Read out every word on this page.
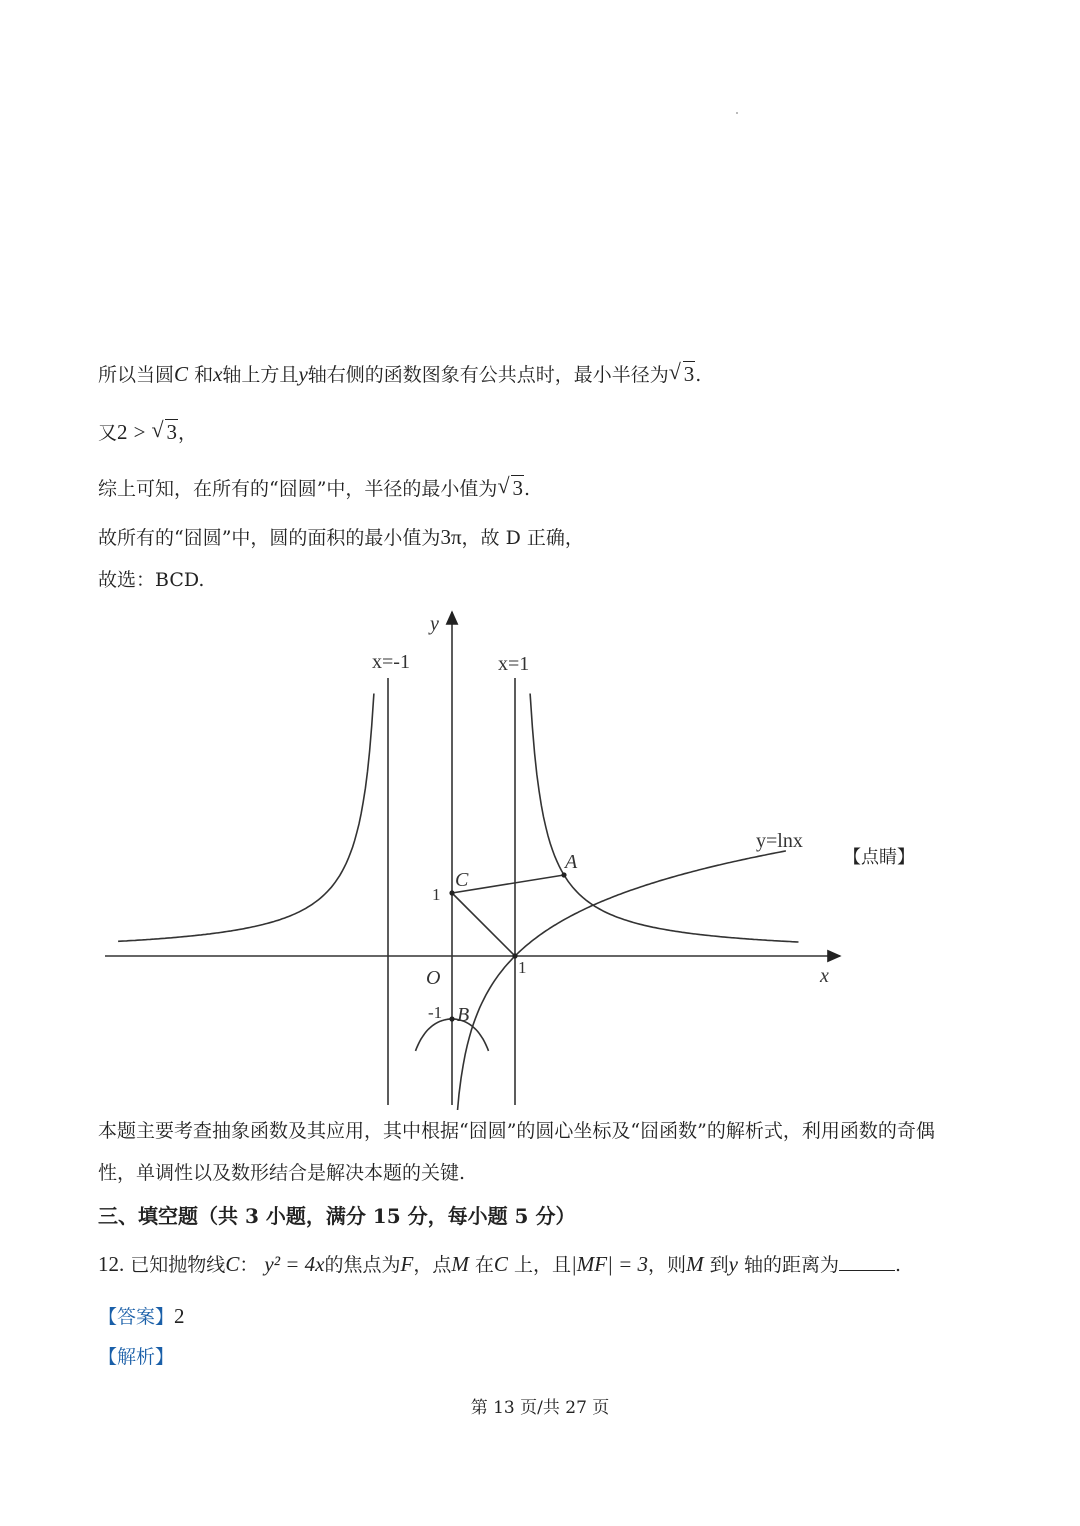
所以当圆C 和x轴上方且y轴右侧的函数图象有公共点时，最小半径为 √ 3.
又2 > √ 3，
综上可知，在所有的“囧圆”中，半径的最小值为 √ 3.
故所有的“囧圆”中，圆的面积的最小值为3π，故 D 正确，
故选：BCD.
y
x
O
x=-1	x=1
y=lnx
A
C
B
1
-1
1
【点睛】
本题主要考查抽象函数及其应用，其中根据“囧圆”的圆心坐标及“囧函数”的解析式，利用函数的奇偶
性，单调性以及数形结合是解决本题的关键.
三、填空题（共 3 小题，满分 15 分，每小题 5 分）
12. 已知抛物线C： y² = 4x的焦点为F，点M 在C 上，且|MF| = 3，则M 到y 轴的距离为	.
【答案】2
【解析】
第 13 页/共 27 页
